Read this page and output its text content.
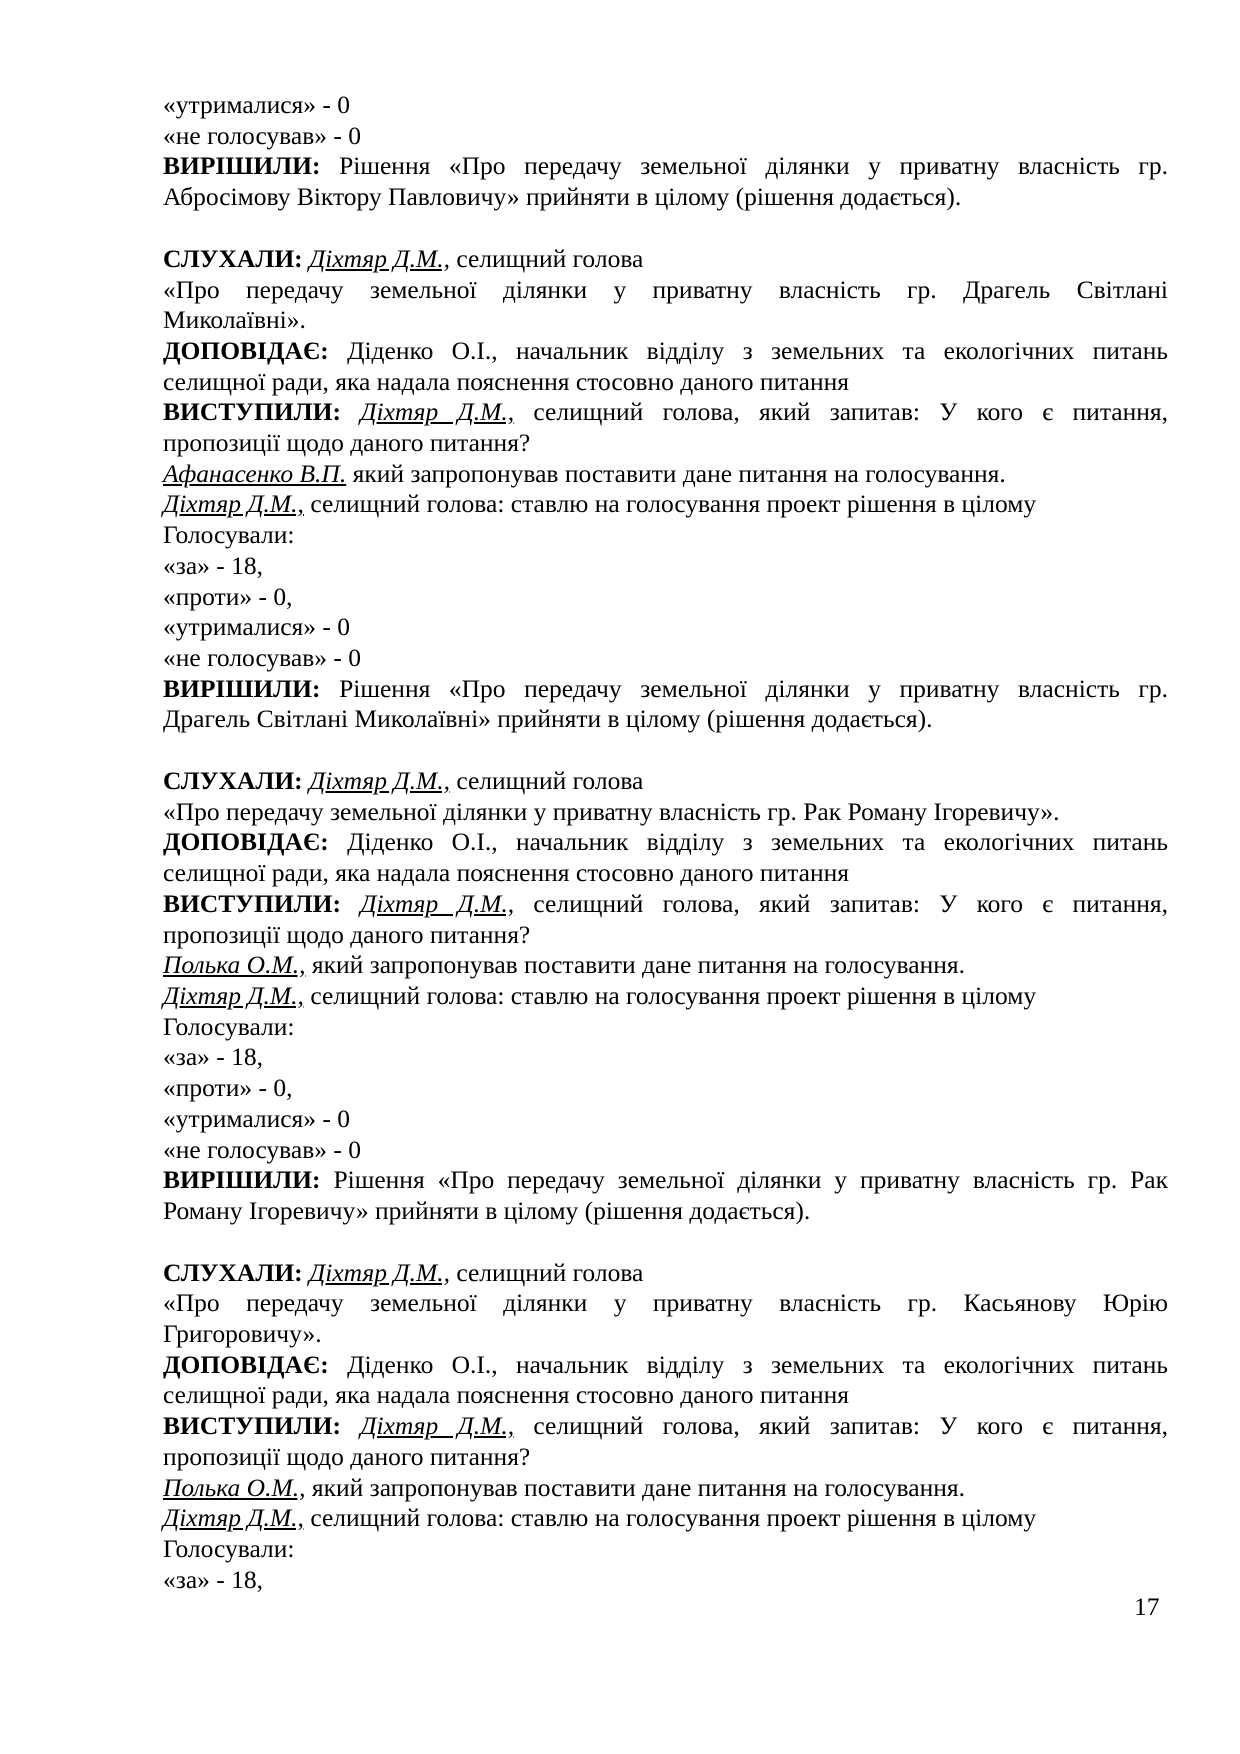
«утрималися» - 0
«не голосував» - 0
ВИРІШИЛИ: Рішення «Про передачу земельної ділянки у приватну власність гр.
Абросімову Віктору Павловичу» прийняти в цілому (рішення додається).
СЛУХАЛИ: Діхтяр Д.М., селищний голова
«Про передачу земельної ділянки у приватну власність гр. Драгель Світлані
Миколаївні».
ДОПОВІДАЄ: Діденко О.І., начальник відділу з земельних та екологічних питань
селищної ради, яка надала пояснення стосовно даного питання
ВИСТУПИЛИ: Діхтяр Д.М., селищний голова, який запитав: У кого є питання,
пропозиції щодо даного питання?
Афанасенко В.П. який запропонував поставити дане питання на голосування.
Діхтяр Д.М., селищний голова: ставлю на голосування проект рішення в цілому
Голосували:
«за» - 18,
«проти» - 0,
«утрималися» - 0
«не голосував» - 0
ВИРІШИЛИ: Рішення «Про передачу земельної ділянки у приватну власність гр.
Драгель Світлані Миколаївні» прийняти в цілому (рішення додається).
СЛУХАЛИ: Діхтяр Д.М., селищний голова
«Про передачу земельної ділянки у приватну власність гр. Рак Роману Ігоревичу».
ДОПОВІДАЄ: Діденко О.І., начальник відділу з земельних та екологічних питань
селищної ради, яка надала пояснення стосовно даного питання
ВИСТУПИЛИ: Діхтяр Д.М., селищний голова, який запитав: У кого є питання,
пропозиції щодо даного питання?
Полька О.М., який запропонував поставити дане питання на голосування.
Діхтяр Д.М., селищний голова: ставлю на голосування проект рішення в цілому
Голосували:
«за» - 18,
«проти» - 0,
«утрималися» - 0
«не голосував» - 0
ВИРІШИЛИ: Рішення «Про передачу земельної ділянки у приватну власність гр. Рак
Роману Ігоревичу» прийняти в цілому (рішення додається).
СЛУХАЛИ: Діхтяр Д.М., селищний голова
«Про передачу земельної ділянки у приватну власність гр. Касьянову Юрію
Григоровичу».
ДОПОВІДАЄ: Діденко О.І., начальник відділу з земельних та екологічних питань
селищної ради, яка надала пояснення стосовно даного питання
ВИСТУПИЛИ: Діхтяр Д.М., селищний голова, який запитав: У кого є питання,
пропозиції щодо даного питання?
Полька О.М., який запропонував поставити дане питання на голосування.
Діхтяр Д.М., селищний голова: ставлю на голосування проект рішення в цілому
Голосували:
«за» - 18,
17
